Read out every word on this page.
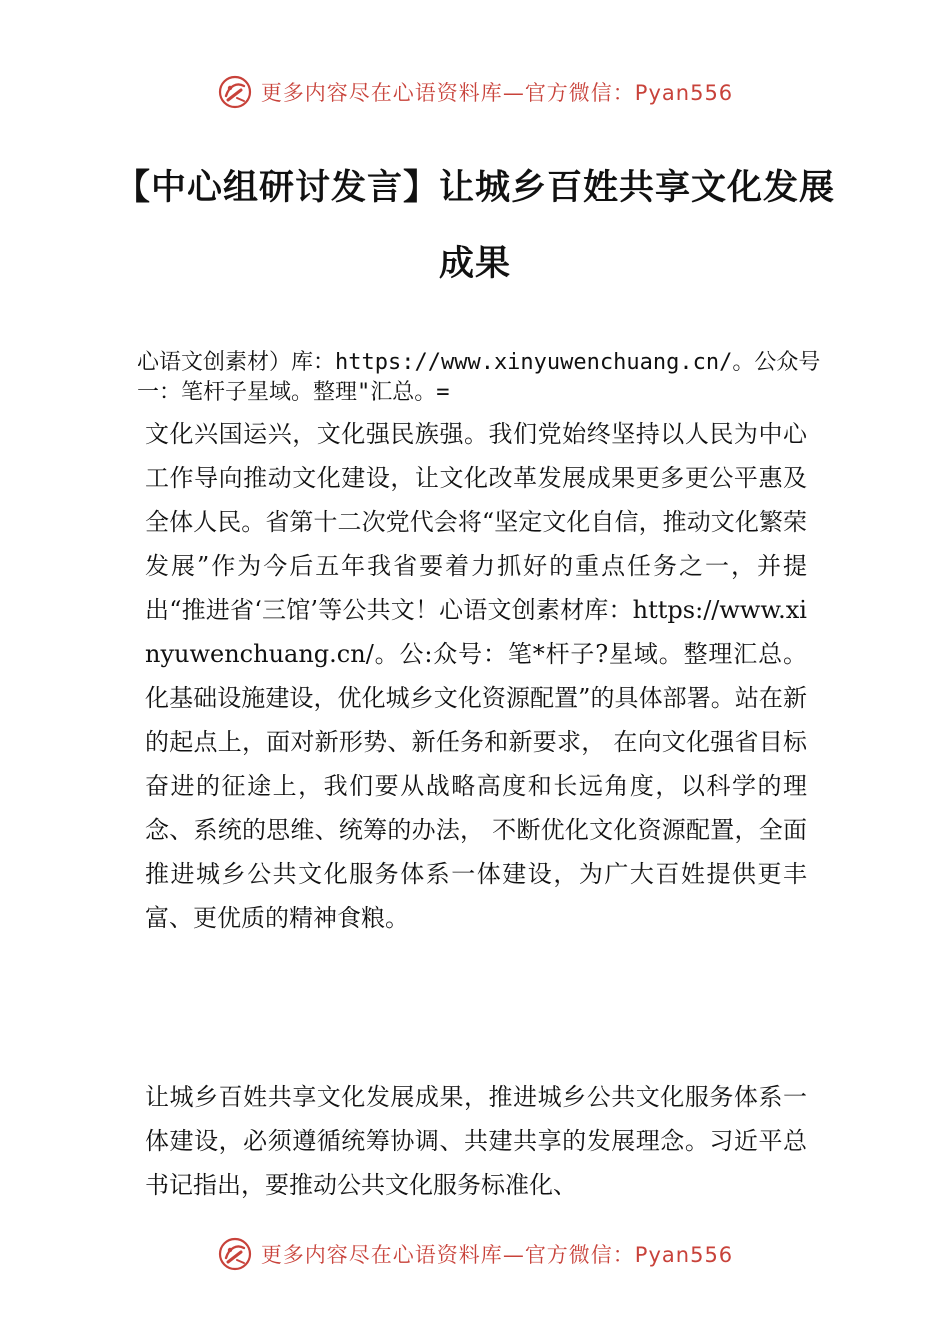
更多内容尽在心语资料库—官方微信：Pyan556
【中心组研讨发言】让城乡百姓共享文化发展成果
心语文创素材）库：https://www.xinyuwenchuang.cn/。公众号一：笔杆子星域。整理"汇总。=

文化兴国运兴，文化强民族强。我们党始终坚持以人民为中心工作导向推动文化建设，让文化改革发展成果更多更公平惠及全体人民。省第十二次党代会将“坚定文化自信，推动文化繁荣发展”作为今后五年我省要着力抓好的重点任务之一，并提出“推进省‘三馆’等公共文！心语文创素材库：https://www.xinyuwenchuang.cn/。公:众号：笔*杆子?星域。整理汇总。化基础设施建设，优化城乡文化资源配置”的具体部署。站在新的起点上，面对新形势、新任务和新要求， 在向文化强省目标奋进的征途上，我们要从战略高度和长远角度，以科学的理念、系统的思维、统筹的办法， 不断优化文化资源配置，全面推进城乡公共文化服务体系一体建设，为广大百姓提供更丰富、更优质的精神食粮。

让城乡百姓共享文化发展成果，推进城乡公共文化服务体系一体建设，必须遵循统筹协调、共建共享的发展理念。习近平总书记指出，要推动公共文化服务标准化、

更多内容尽在心语资料库—官方微信：Pyan556
